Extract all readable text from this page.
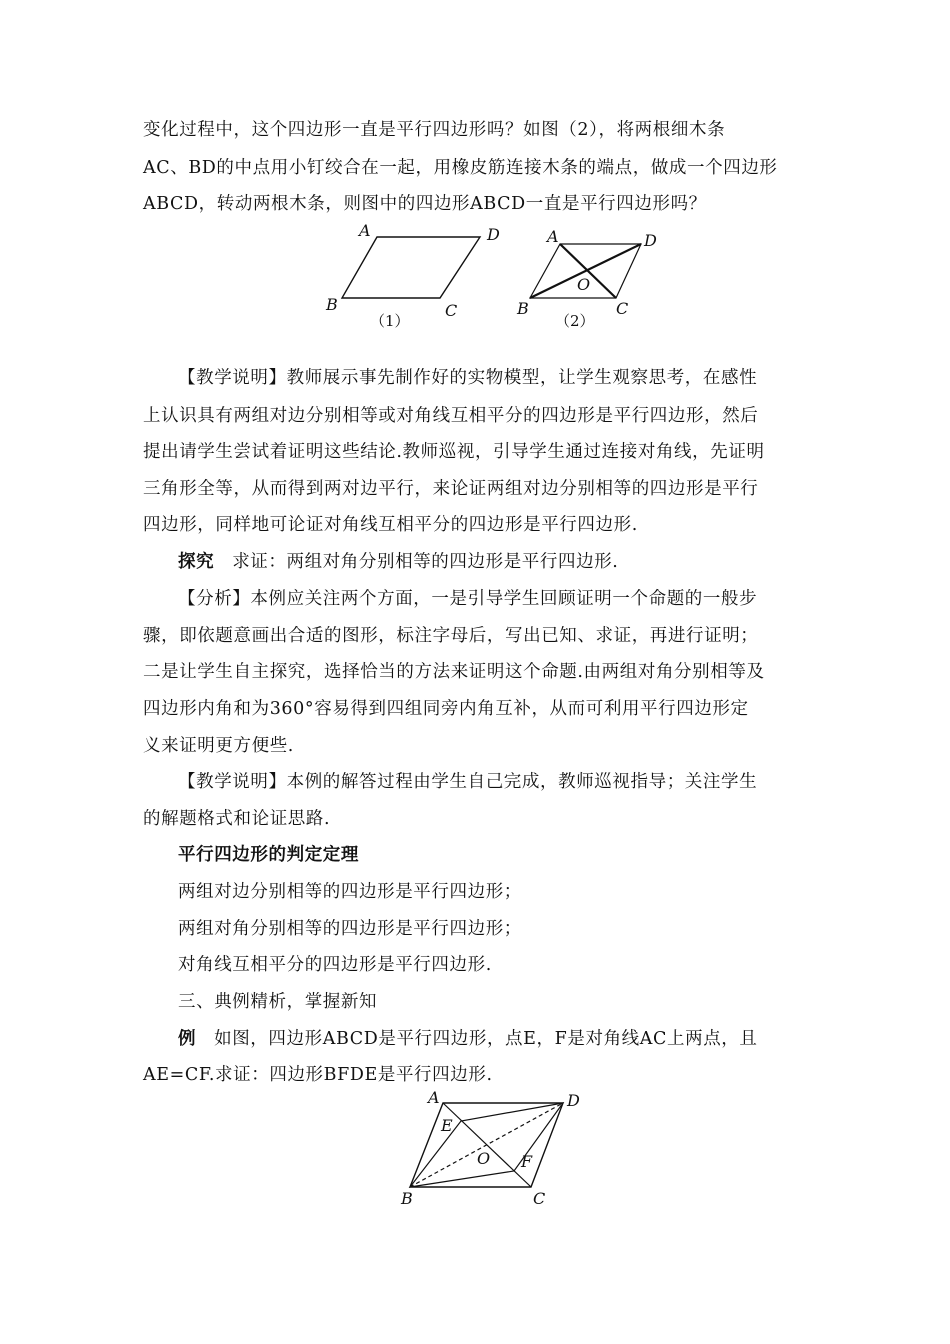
变化过程中，这个四边形一直是平行四边形吗？如图（2），将两根细木条
AC、BD的中点用小钉绞合在一起，用橡皮筋连接木条的端点，做成一个四边形
ABCD，转动两根木条，则图中的四边形ABCD一直是平行四边形吗？
A	D
B	C
（1）
A	D
O
B	C
（2）
【教学说明】教师展示事先制作好的实物模型，让学生观察思考，在感性
上认识具有两组对边分别相等或对角线互相平分的四边形是平行四边形，然后
提出请学生尝试着证明这些结论.教师巡视，引导学生通过连接对角线，先证明
三角形全等，从而得到两对边平行，来论证两组对边分别相等的四边形是平行
四边形，同样地可论证对角线互相平分的四边形是平行四边形.
探究 求证：两组对角分别相等的四边形是平行四边形.
【分析】本例应关注两个方面，一是引导学生回顾证明一个命题的一般步
骤，即依题意画出合适的图形，标注字母后，写出已知、求证，再进行证明；
二是让学生自主探究，选择恰当的方法来证明这个命题.由两组对角分别相等及
四边形内角和为360°容易得到四组同旁内角互补，从而可利用平行四边形定
义来证明更方便些.
【教学说明】本例的解答过程由学生自己完成，教师巡视指导；关注学生
的解题格式和论证思路.
平行四边形的判定定理
两组对边分别相等的四边形是平行四边形；
两组对角分别相等的四边形是平行四边形；
对角线互相平分的四边形是平行四边形.
三、典例精析，掌握新知
例 如图，四边形ABCD是平行四边形，点E，F是对角线AC上两点，且
AE=CF.求证：四边形BFDE是平行四边形.
A	D
E
O F
B	C
